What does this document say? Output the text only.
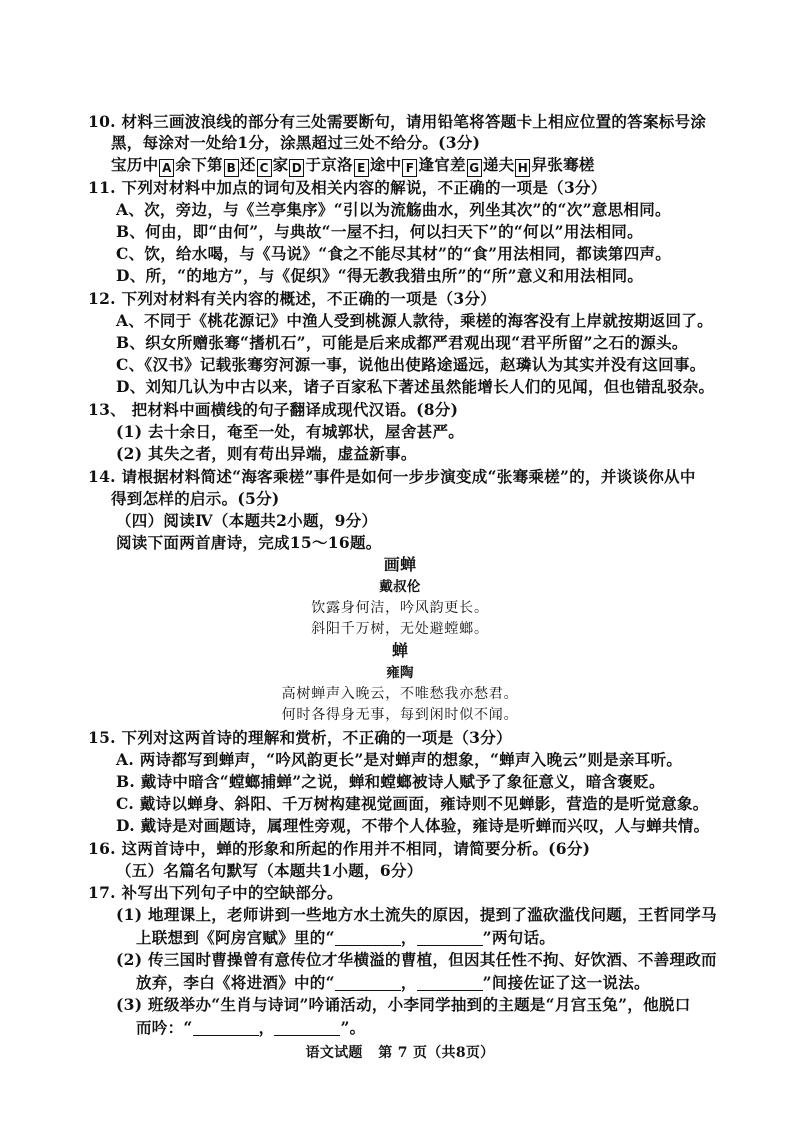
10. 材料三画波浪线的部分有三处需要断句，请用铅笔将答题卡上相应位置的答案标号涂
黑，每涂对一处给1分，涂黑超过三处不给分。(3分)
宝历中 A 余下第 B 还 C 家 D 于京洛 E 途中 F 逢官差 G 递夫 H 舁张骞槎
11. 下列对材料中加点的词句及相关内容的解说，不正确的一项是（3分）
A、次，旁边，与《兰亭集序》“引以为流觞曲水，列坐其次”的“次”意思相同。
B、何由，即“由何”，与典故“一屋不扫，何以扫天下”的“何以”用法相同。
C、饮，给水喝，与《马说》“食之不能尽其材”的“食”用法相同，都读第四声。
D、所，“的地方”，与《促织》“得无教我猎虫所”的“所”意义和用法相同。
12. 下列对材料有关内容的概述，不正确的一项是（3分）
A、不同于《桃花源记》中渔人受到桃源人款待，乘槎的海客没有上岸就按期返回了。
B、织女所赠张骞“搘机石”，可能是后来成都严君观出现“君平所留”之石的源头。
C、《汉书》记载张骞穷河源一事，说他出使路途遥远，赵璘认为其实并没有这回事。
D、刘知几认为中古以来，诸子百家私下著述虽然能增长人们的见闻，但也错乱驳杂。
13、 把材料中画横线的句子翻译成现代汉语。(8分)
(1) 去十余日，奄至一处，有城郭状，屋舍甚严。
(2) 其失之者，则有苟出异端，虚益新事。
14. 请根据材料简述“海客乘槎”事件是如何一步步演变成“张骞乘槎”的，并谈谈你从中
得到怎样的启示。(5分)
（四）阅读Ⅳ（本题共2小题，9分）
阅读下面两首唐诗，完成15～16题。
画蝉
戴叔伦
饮露身何洁，吟风韵更长。
斜阳千万树，无处避螳螂。
蝉
雍陶
高树蝉声入晚云，不唯愁我亦愁君。
何时各得身无事，每到闲时似不闻。
15. 下列对这两首诗的理解和赏析，不正确的一项是（3分）
A. 两诗都写到蝉声，“吟风韵更长”是对蝉声的想象，“蝉声入晚云”则是亲耳听。
B. 戴诗中暗含“螳螂捕蝉”之说，蝉和螳螂被诗人赋予了象征意义，暗含褒贬。
C. 戴诗以蝉身、斜阳、千万树构建视觉画面，雍诗则不见蝉影，营造的是听觉意象。
D. 戴诗是对画题诗，属理性旁观，不带个人体验，雍诗是听蝉而兴叹，人与蝉共情。
16. 这两首诗中，蝉的形象和所起的作用并不相同，请简要分析。(6分)
（五）名篇名句默写（本题共1小题，6分）
17. 补写出下列句子中的空缺部分。
(1) 地理课上，老师讲到一些地方水土流失的原因，提到了滥砍滥伐问题，王哲同学马
上联想到《阿房宫赋》里的“	，	”两句话。
(2) 传三国时曹操曾有意传位才华横溢的曹植，但因其任性不拘、好饮酒、不善理政而
放弃，李白《将进酒》中的“	，	”间接佐证了这一说法。
(3) 班级举办“生肖与诗词”吟诵活动，小李同学抽到的主题是“月宫玉兔”，他脱口
而吟：“	，	”。
语文试题 第 7 页（共8页）
